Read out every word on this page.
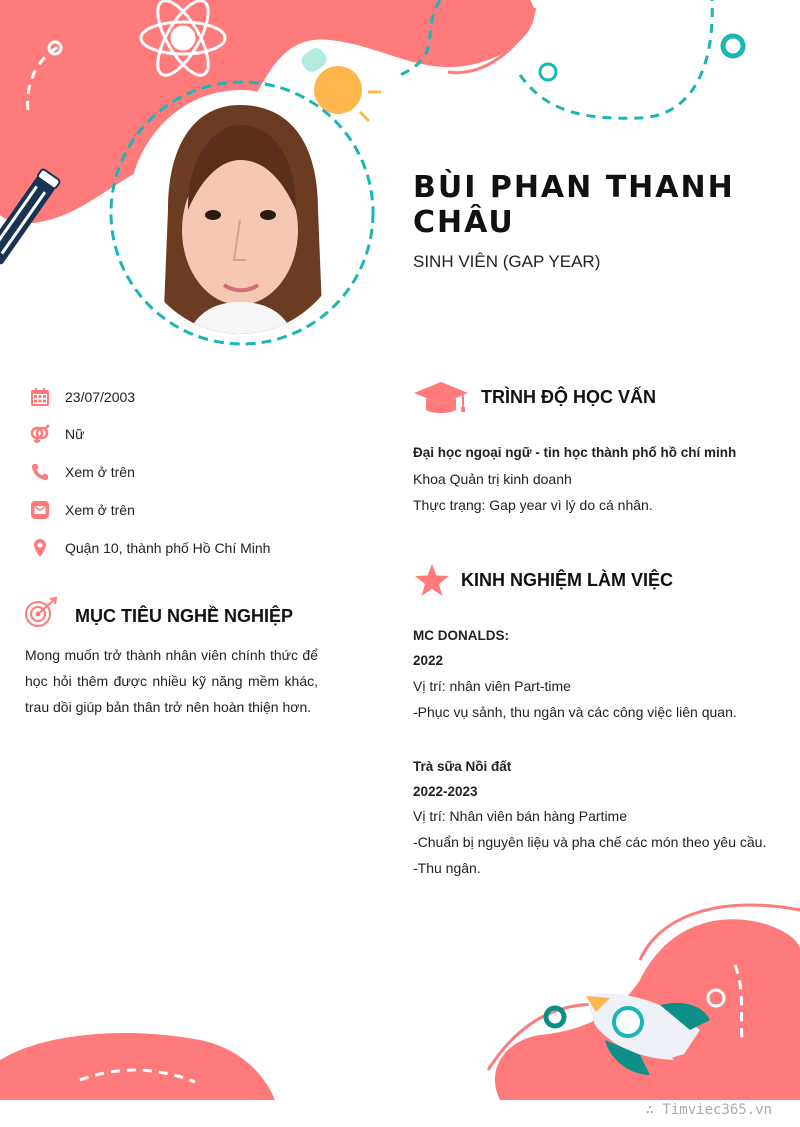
BÙI PHAN THANH CHÂU
SINH VIÊN (GAP YEAR)
23/07/2003
Nữ
Xem ở trên
Xem ở trên
Quận 10, thành phố Hồ Chí Minh
MỤC TIÊU NGHỀ NGHIỆP
Mong muốn trở thành nhân viên chính thức để học hỏi thêm được nhiều kỹ năng mềm khác, trau dồi giúp bản thân trở nên hoàn thiện hơn.
TRÌNH ĐỘ HỌC VẤN
Đại học ngoại ngữ - tin học thành phố hồ chí minh
Khoa Quản trị kinh doanh
Thực trạng: Gap year vì lý do cá nhân.
KINH NGHIỆM LÀM VIỆC
MC DONALDS:
2022
Vị trí: nhân viên Part-time
-Phục vụ sảnh, thu ngân và các công việc liên quan.
Trà sữa Nồi đất
2022-2023
Vị trí: Nhân viên bán hàng Partime
-Chuẩn bị nguyên liệu và pha chế các món theo yêu cầu.
-Thu ngân.
∴ Timviec365.vn
